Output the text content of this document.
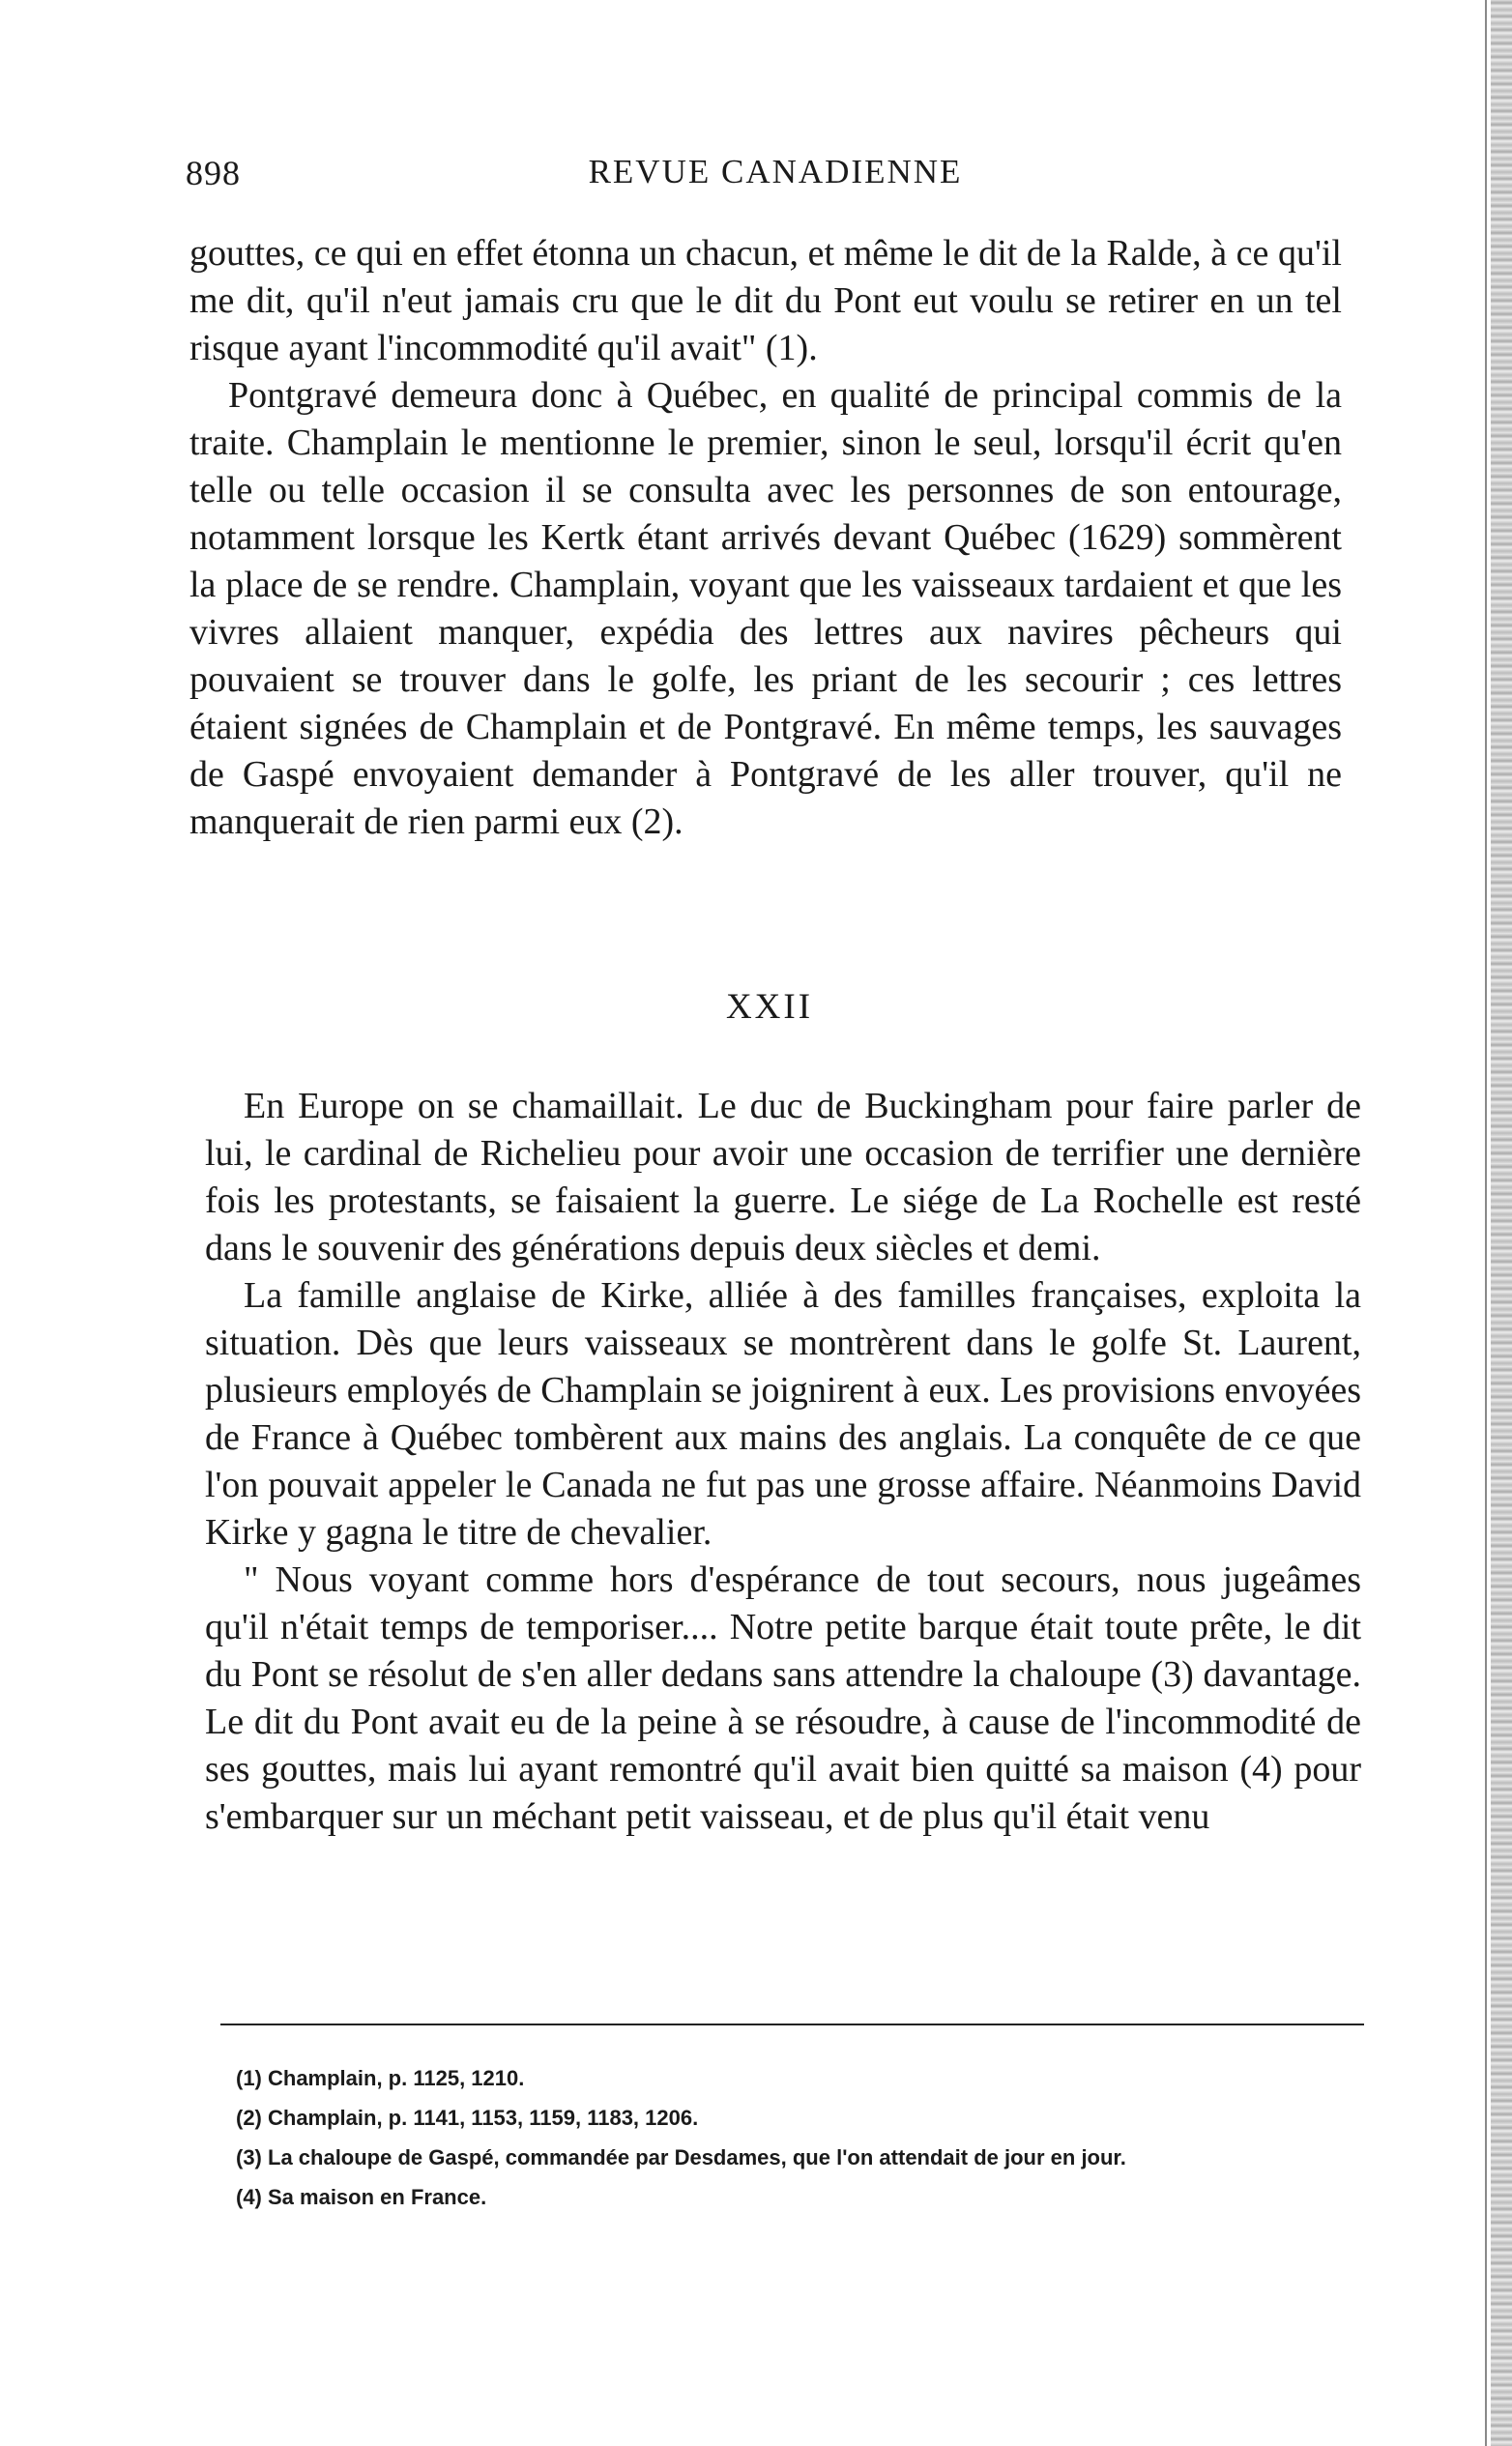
898	REVUE CANADIENNE

gouttes, ce qui en effet étonna un chacun, et même le dit de la Ralde, à ce qu'il me dit, qu'il n'eut jamais cru que le dit du Pont eut voulu se retirer en un tel risque ayant l'incommodité qu'il avait" (1).

Pontgravé demeura donc à Québec, en qualité de principal commis de la traite. Champlain le mentionne le premier, sinon le seul, lorsqu'il écrit qu'en telle ou telle occasion il se consulta avec les personnes de son entourage, notamment lorsque les Kertk étant arrivés devant Québec (1629) sommèrent la place de se rendre. Champlain, voyant que les vaisseaux tardaient et que les vivres allaient manquer, expédia des lettres aux navires pêcheurs qui pouvaient se trouver dans le golfe, les priant de les secourir ; ces lettres étaient signées de Champlain et de Pontgravé. En même temps, les sauvages de Gaspé envoyaient demander à Pontgravé de les aller trouver, qu'il ne manquerait de rien parmi eux (2).

XXII

En Europe on se chamaillait. Le duc de Buckingham pour faire parler de lui, le cardinal de Richelieu pour avoir une occasion de terrifier une dernière fois les protestants, se faisaient la guerre. Le siége de La Rochelle est resté dans le souvenir des générations depuis deux siècles et demi.

La famille anglaise de Kirke, alliée à des familles françaises, exploita la situation. Dès que leurs vaisseaux se montrèrent dans le golfe St. Laurent, plusieurs employés de Champlain se joignirent à eux. Les provisions envoyées de France à Québec tombèrent aux mains des anglais. La conquête de ce que l'on pouvait appeler le Canada ne fut pas une grosse affaire. Néanmoins David Kirke y gagna le titre de chevalier.

" Nous voyant comme hors d'espérance de tout secours, nous jugeâmes qu'il n'était temps de temporiser.... Notre petite barque était toute prête, le dit du Pont se résolut de s'en aller dedans sans attendre la chaloupe (3) davantage. Le dit du Pont avait eu de la peine à se résoudre, à cause de l'incommodité de ses gouttes, mais lui ayant remontré qu'il avait bien quitté sa maison (4) pour s'embarquer sur un méchant petit vaisseau, et de plus qu'il était venu

(1) Champlain, p. 1125, 1210.

(2) Champlain, p. 1141, 1153, 1159, 1183, 1206.

(3) La chaloupe de Gaspé, commandée par Desdames, que l'on attendait de jour en jour.

(4) Sa maison en France.
